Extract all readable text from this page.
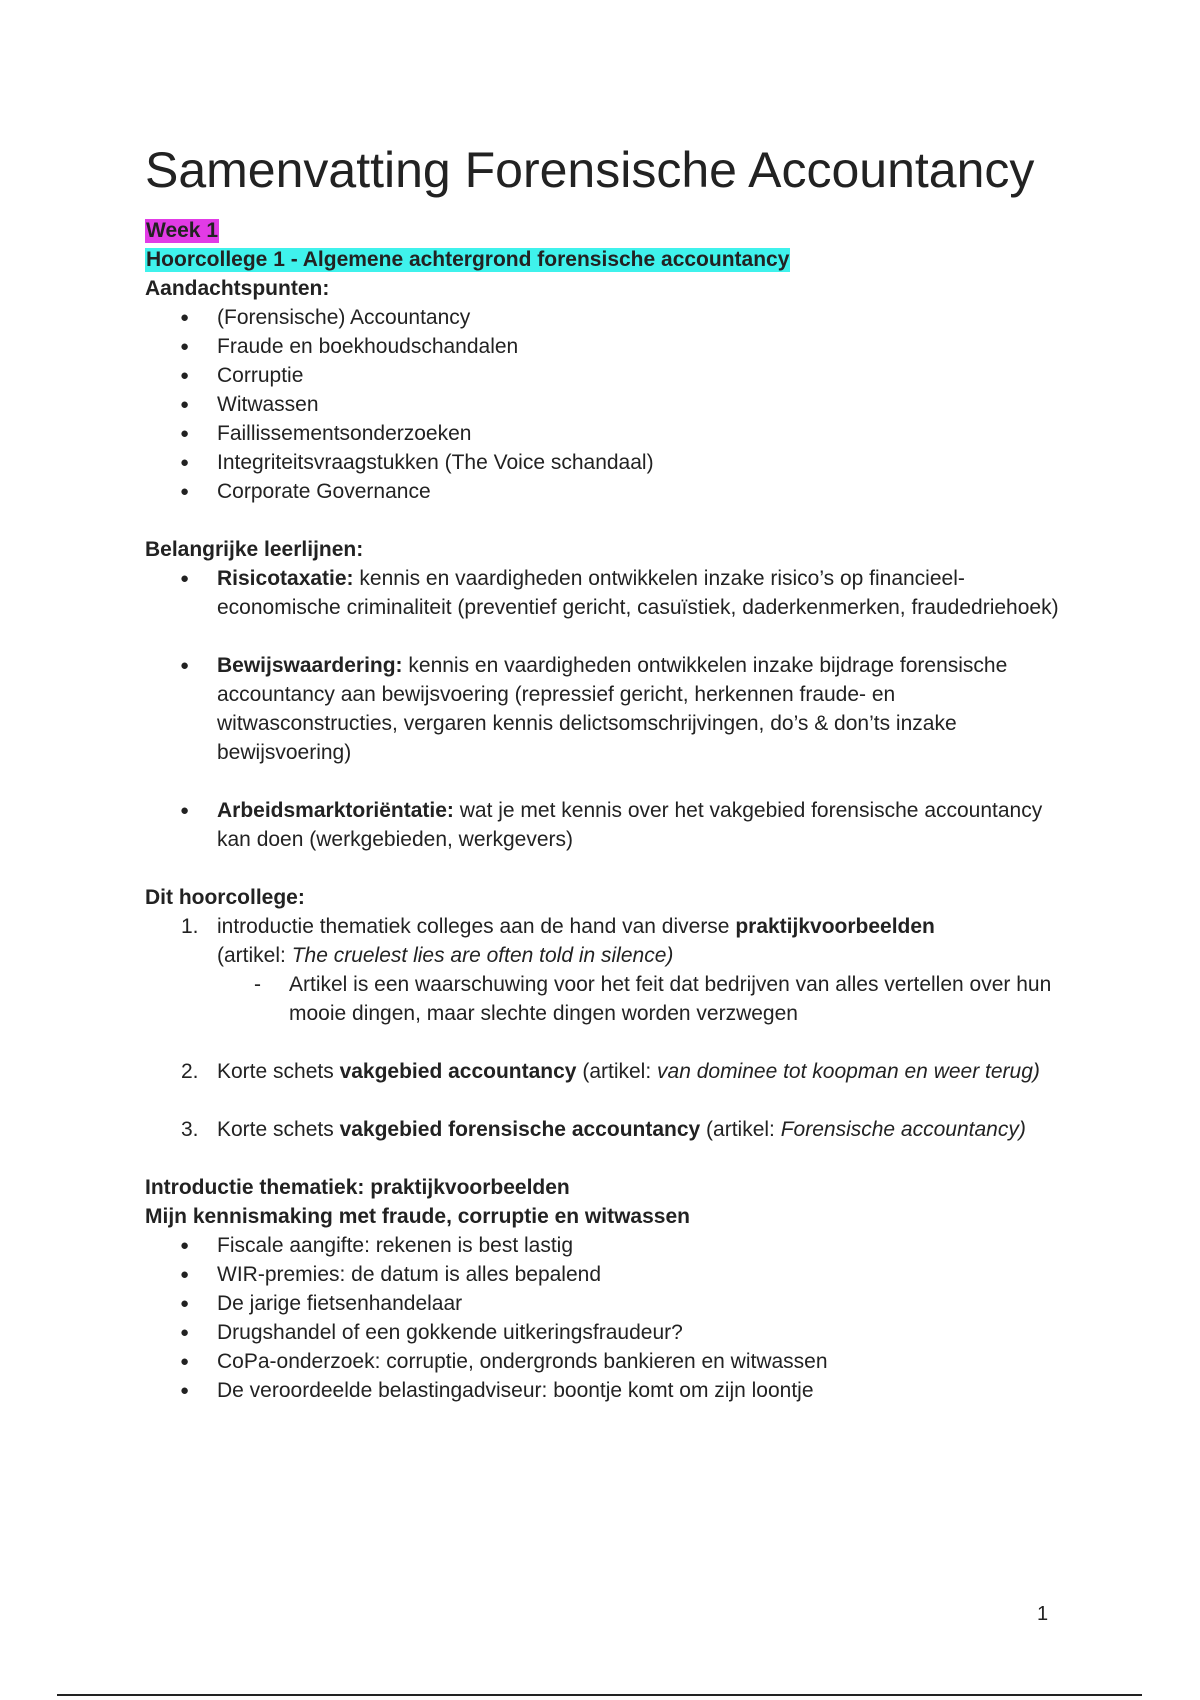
Samenvatting Forensische Accountancy
Week 1
Hoorcollege 1 - Algemene achtergrond forensische accountancy
Aandachtspunten:
● (Forensische) Accountancy
● Fraude en boekhoudschandalen
● Corruptie
● Witwassen
● Faillissementsonderzoeken
● Integriteitsvraagstukken (The Voice schandaal)
● Corporate Governance
Belangrijke leerlijnen:
● Risicotaxatie: kennis en vaardigheden ontwikkelen inzake risico’s op financieel-economische criminaliteit (preventief gericht, casuïstiek, daderkenmerken, fraudedriehoek)
● Bewijswaardering: kennis en vaardigheden ontwikkelen inzake bijdrage forensische accountancy aan bewijsvoering (repressief gericht, herkennen fraude- en witwasconstructies, vergaren kennis delictsomschrijvingen, do’s & don’ts inzake bewijsvoering)
● Arbeidsmarktoriëntatie: wat je met kennis over het vakgebied forensische accountancy kan doen (werkgebieden, werkgevers)
Dit hoorcollege:
1. introductie thematiek colleges aan de hand van diverse praktijkvoorbeelden
(artikel: The cruelest lies are often told in silence)
- Artikel is een waarschuwing voor het feit dat bedrijven van alles vertellen over hun mooie dingen, maar slechte dingen worden verzwegen
2. Korte schets vakgebied accountancy (artikel: van dominee tot koopman en weer terug)
3. Korte schets vakgebied forensische accountancy (artikel: Forensische accountancy)
Introductie thematiek: praktijkvoorbeelden
Mijn kennismaking met fraude, corruptie en witwassen
● Fiscale aangifte: rekenen is best lastig
● WIR-premies: de datum is alles bepalend
● De jarige fietsenhandelaar
● Drugshandel of een gokkende uitkeringsfraudeur?
● CoPa-onderzoek: corruptie, ondergronds bankieren en witwassen
● De veroordeelde belastingadviseur: boontje komt om zijn loontje
1
